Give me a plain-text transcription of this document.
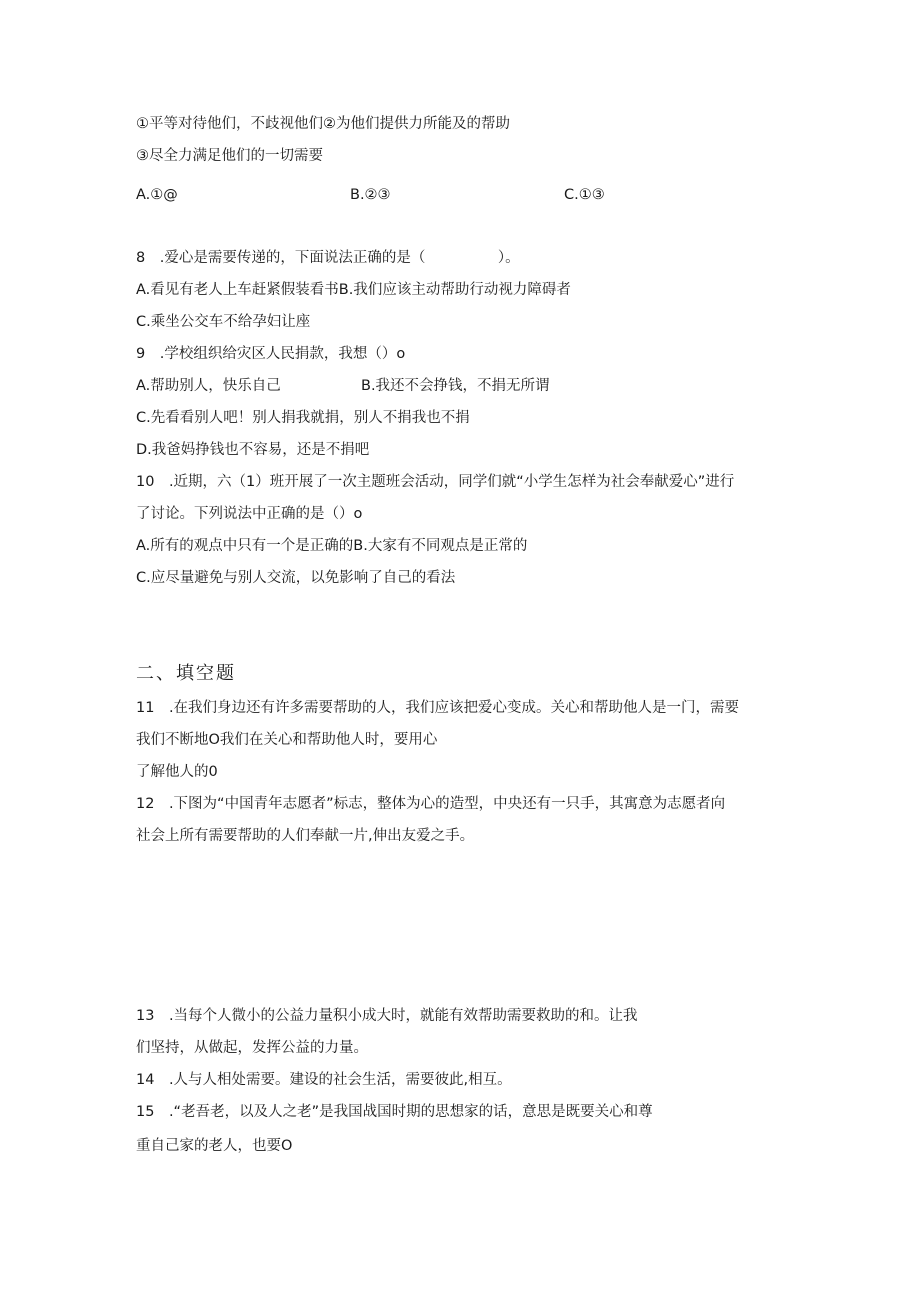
①平等对待他们，不歧视他们②为他们提供力所能及的帮助
③尽全力满足他们的一切需要
A.①@	B.②③	C.①③
8　.爱心是需要传递的，下面说法正确的是（　　　　　）。
A.看见有老人上车赶紧假装看书B.我们应该主动帮助行动视力障碍者
C.乘坐公交车不给孕妇让座
9　.学校组织给灾区人民捐款，我想（）o
A.帮助别人，快乐自己	B.我还不会挣钱，不捐无所谓
C.先看看别人吧！别人捐我就捐，别人不捐我也不捐
D.我爸妈挣钱也不容易，还是不捐吧
10　.近期，六（1）班开展了一次主题班会活动，同学们就“小学生怎样为社会奉献爱心”进行
了讨论。下列说法中正确的是（）o
A.所有的观点中只有一个是正确的B.大家有不同观点是正常的
C.应尽量避免与别人交流，以免影响了自己的看法
二、填空题
11　.在我们身边还有许多需要帮助的人，我们应该把爱心变成。关心和帮助他人是一门，需要
我们不断地O我们在关心和帮助他人时，要用心
了解他人的0
12　.下图为“中国青年志愿者”标志，整体为心的造型，中央还有一只手，其寓意为志愿者向
社会上所有需要帮助的人们奉献一片,伸出友爱之手。
13　.当每个人微小的公益力量积小成大时，就能有效帮助需要救助的和。让我
们坚持，从做起，发挥公益的力量。
14　.人与人相处需要。建设的社会生活，需要彼此,相互。
15　.“老吾老，以及人之老”是我国战国时期的思想家的话，意思是既要关心和尊
重自己家的老人，也要O
